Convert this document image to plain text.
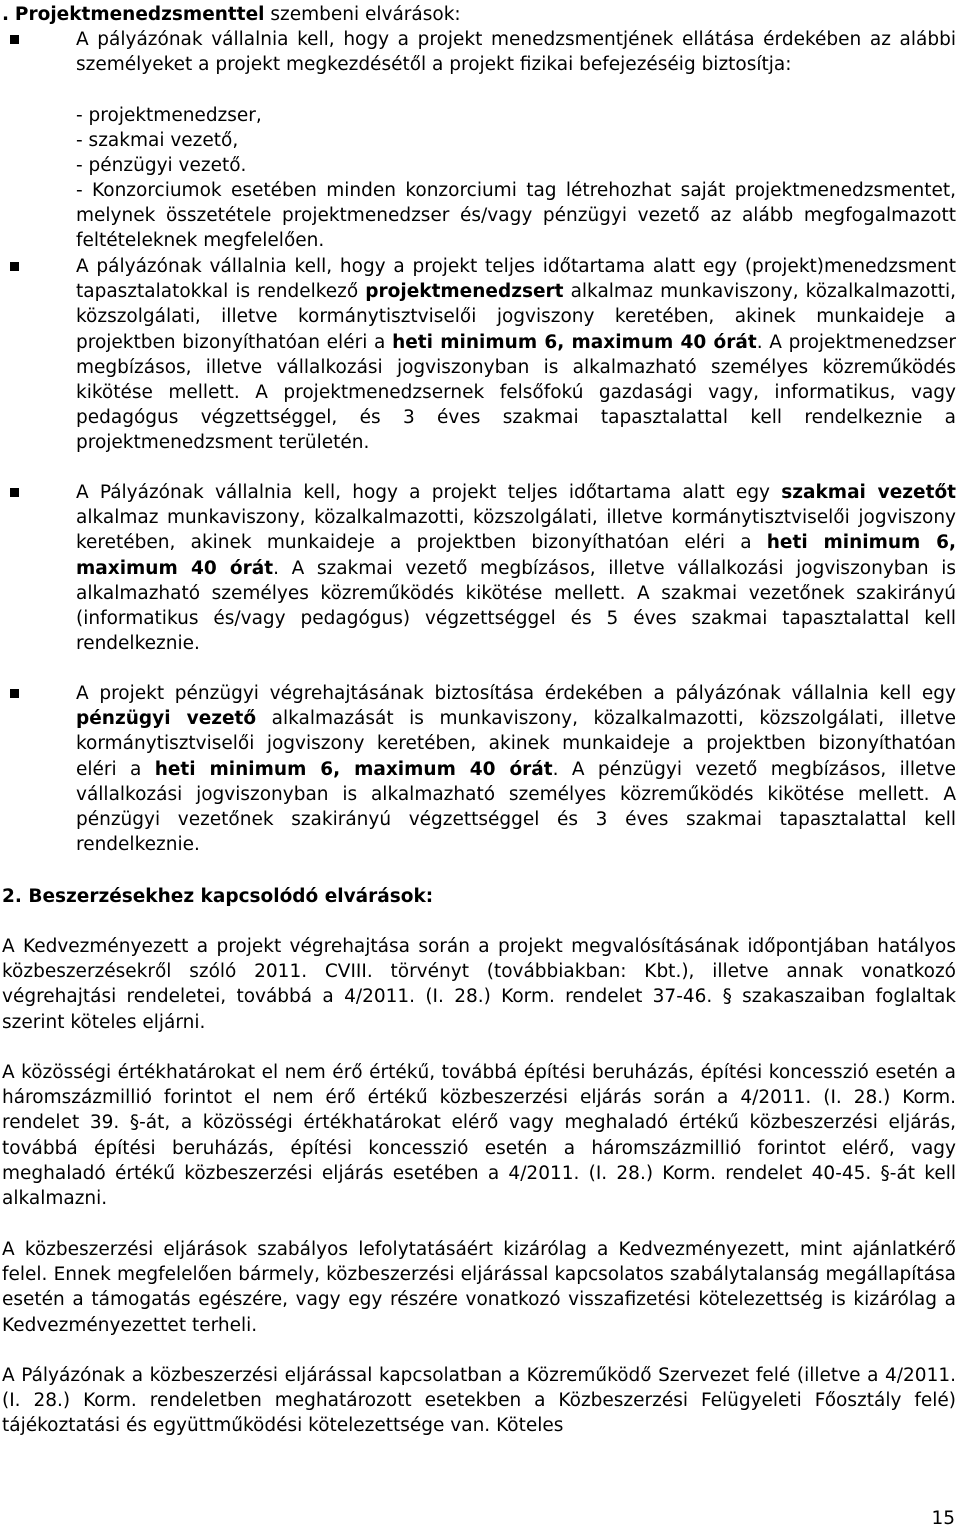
. Projektmenedzsmenttel szembeni elvárások:
A pályázónak vállalnia kell, hogy a projekt menedzsmentjének ellátása érdekében az alábbi személyeket a projekt megkezdésétől a projekt fizikai befejezéséig biztosítja:
- projektmenedzser,
- szakmai vezető,
- pénzügyi vezető.
- Konzorciumok esetében minden konzorciumi tag létrehozhat saját projektmenedzsmentet, melynek összetétele projektmenedzser és/vagy pénzügyi vezető az alább megfogalmazott feltételeknek megfelelően.
A pályázónak vállalnia kell, hogy a projekt teljes időtartama alatt egy (projekt)menedzsment tapasztalatokkal is rendelkező projektmenedzsert alkalmaz munkaviszony, közalkalmazotti, közszolgálati, illetve kormánytisztviselői jogviszony keretében, akinek munkaideje a projektben bizonyíthatóan eléri a heti minimum 6, maximum 40 órát. A projektmenedzser megbízásos, illetve vállalkozási jogviszonyban is alkalmazható személyes közreműködés kikötése mellett. A projektmenedzsernek felsőfokú gazdasági vagy, informatikus, vagy pedagógus végzettséggel, és 3 éves szakmai tapasztalattal kell rendelkeznie a projektmenedzsment területén.
A Pályázónak vállalnia kell, hogy a projekt teljes időtartama alatt egy szakmai vezetőt alkalmaz munkaviszony, közalkalmazotti, közszolgálati, illetve kormánytisztviselői jogviszony keretében, akinek munkaideje a projektben bizonyíthatóan eléri a heti minimum 6, maximum 40 órát. A szakmai vezető megbízásos, illetve vállalkozási jogviszonyban is alkalmazható személyes közreműködés kikötése mellett. A szakmai vezetőnek szakirányú (informatikus és/vagy pedagógus) végzettséggel és 5 éves szakmai tapasztalattal kell rendelkeznie.
A projekt pénzügyi végrehajtásának biztosítása érdekében a pályázónak vállalnia kell egy pénzügyi vezető alkalmazását is munkaviszony, közalkalmazotti, közszolgálati, illetve kormánytisztviselői jogviszony keretében, akinek munkaideje a projektben bizonyíthatóan eléri a heti minimum 6, maximum 40 órát. A pénzügyi vezető megbízásos, illetve vállalkozási jogviszonyban is alkalmazható személyes közreműködés kikötése mellett. A pénzügyi vezetőnek szakirányú végzettséggel és 3 éves szakmai tapasztalattal kell rendelkeznie.
2. Beszerzésekhez kapcsolódó elvárások:
A Kedvezményezett a projekt végrehajtása során a projekt megvalósításának időpontjában hatályos közbeszerzésekről szóló 2011. CVIII. törvényt (továbbiakban: Kbt.), illetve annak vonatkozó végrehajtási rendeletei, továbbá a 4/2011. (I. 28.) Korm. rendelet 37-46. § szakaszaiban foglaltak szerint köteles eljárni.
A közösségi értékhatárokat el nem érő értékű, továbbá építési beruházás, építési koncesszió esetén a háromszázmillió forintot el nem érő értékű közbeszerzési eljárás során a 4/2011. (I. 28.) Korm. rendelet 39. §-át, a közösségi értékhatárokat elérő vagy meghaladó értékű közbeszerzési eljárás, továbbá építési beruházás, építési koncesszió esetén a háromszázmillió forintot elérő, vagy meghaladó értékű közbeszerzési eljárás esetében a 4/2011. (I. 28.) Korm. rendelet 40-45. §-át kell alkalmazni.
A közbeszerzési eljárások szabályos lefolytatásáért kizárólag a Kedvezményezett, mint ajánlatkérő felel. Ennek megfelelően bármely, közbeszerzési eljárással kapcsolatos szabálytalanság megállapítása esetén a támogatás egészére, vagy egy részére vonatkozó visszafizetési kötelezettség is kizárólag a Kedvezményezettet terheli.
A Pályázónak a közbeszerzési eljárással kapcsolatban a Közreműködő Szervezet felé (illetve a 4/2011. (I. 28.) Korm. rendeletben meghatározott esetekben a Közbeszerzési Felügyeleti Főosztály felé) tájékoztatási és együttműködési kötelezettsége van. Köteles
15
